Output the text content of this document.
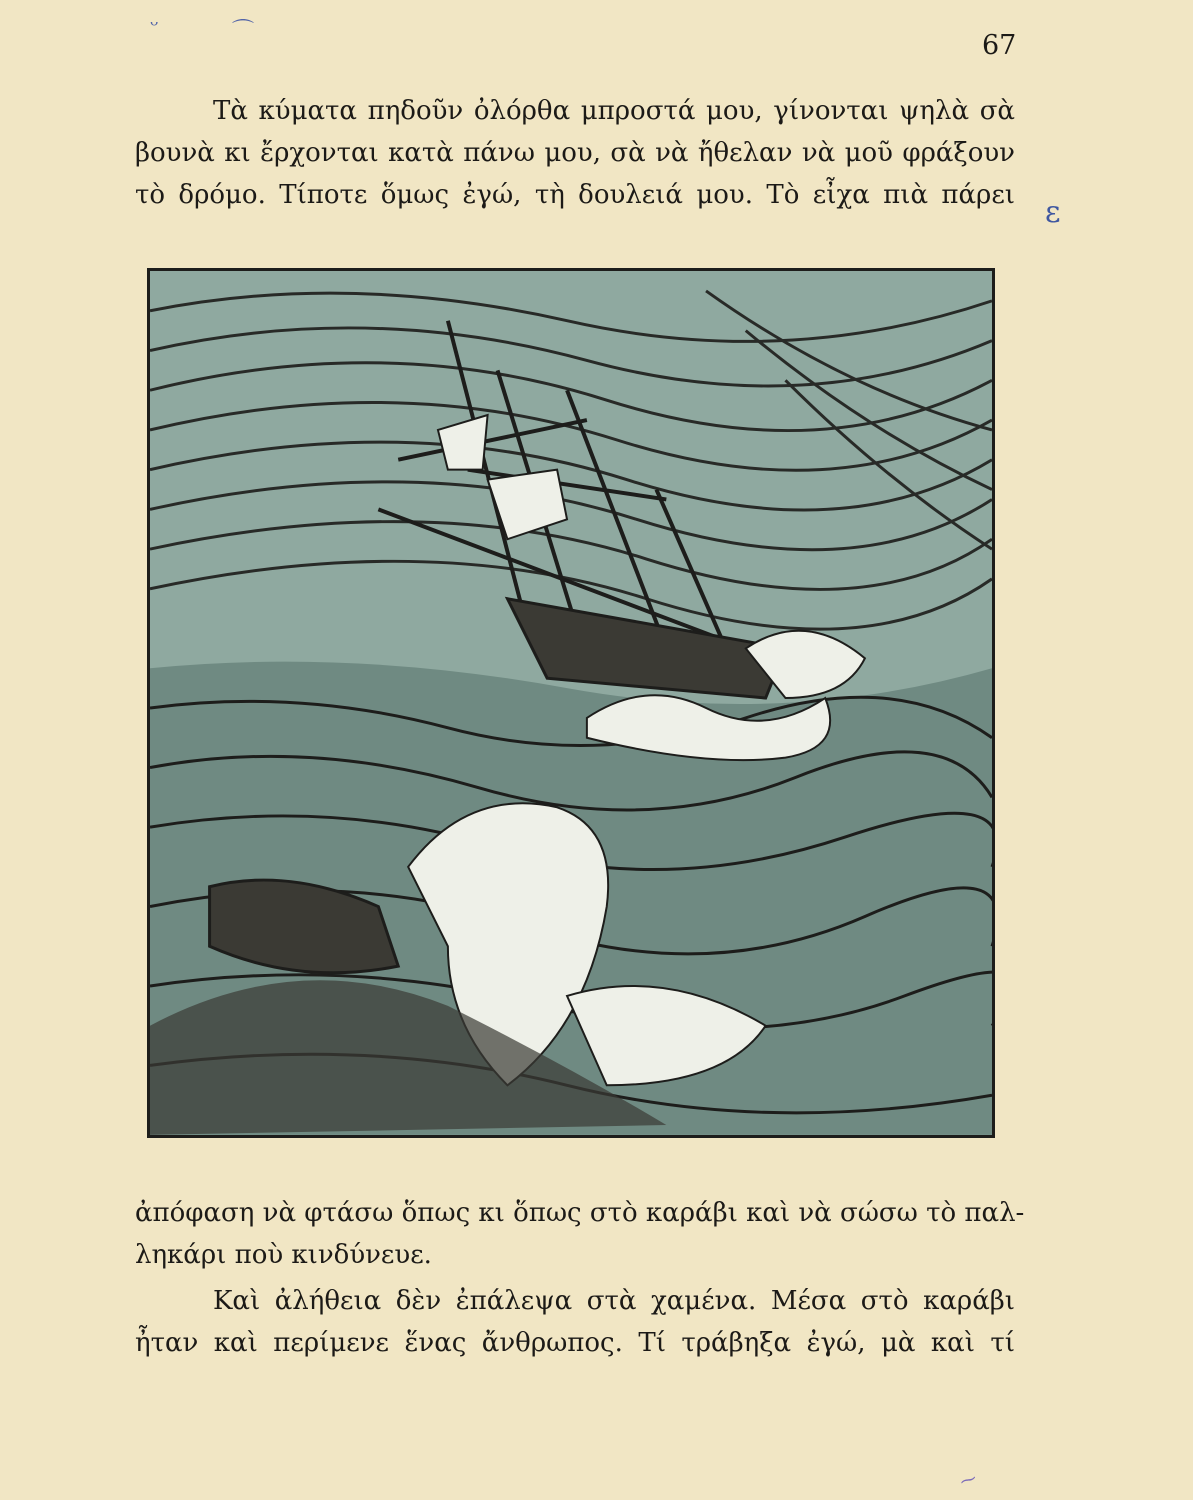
67
ᵕ	⌒
Τὰ κύματα πηδοῦν ὀλόρθα μπροστά μου, γίνονται ψηλὰ σὰ
βουνὰ κι ἔρχονται κατὰ πάνω μου, σὰ νὰ ἤθελαν νὰ μοῦ φράξουν
τὸ δρόμο. Τίποτε ὅμως ἐγώ, τὴ δουλειά μου. Τὸ εἶχα πιὰ πάρει ε
ἀπόφαση νὰ φτάσω ὅπως κι ὅπως στὸ καράβι καὶ νὰ σώσω τὸ παλ-
ληκάρι ποὺ κινδύνευε.
Καὶ ἀλήθεια δὲν ἐπάλεψα στὰ χαμένα. Μέσα στὸ καράβι
ἦταν καὶ περίμενε ἕνας ἄνθρωπος. Τί τράβηξα ἐγώ, μὰ καὶ τί
⁓
